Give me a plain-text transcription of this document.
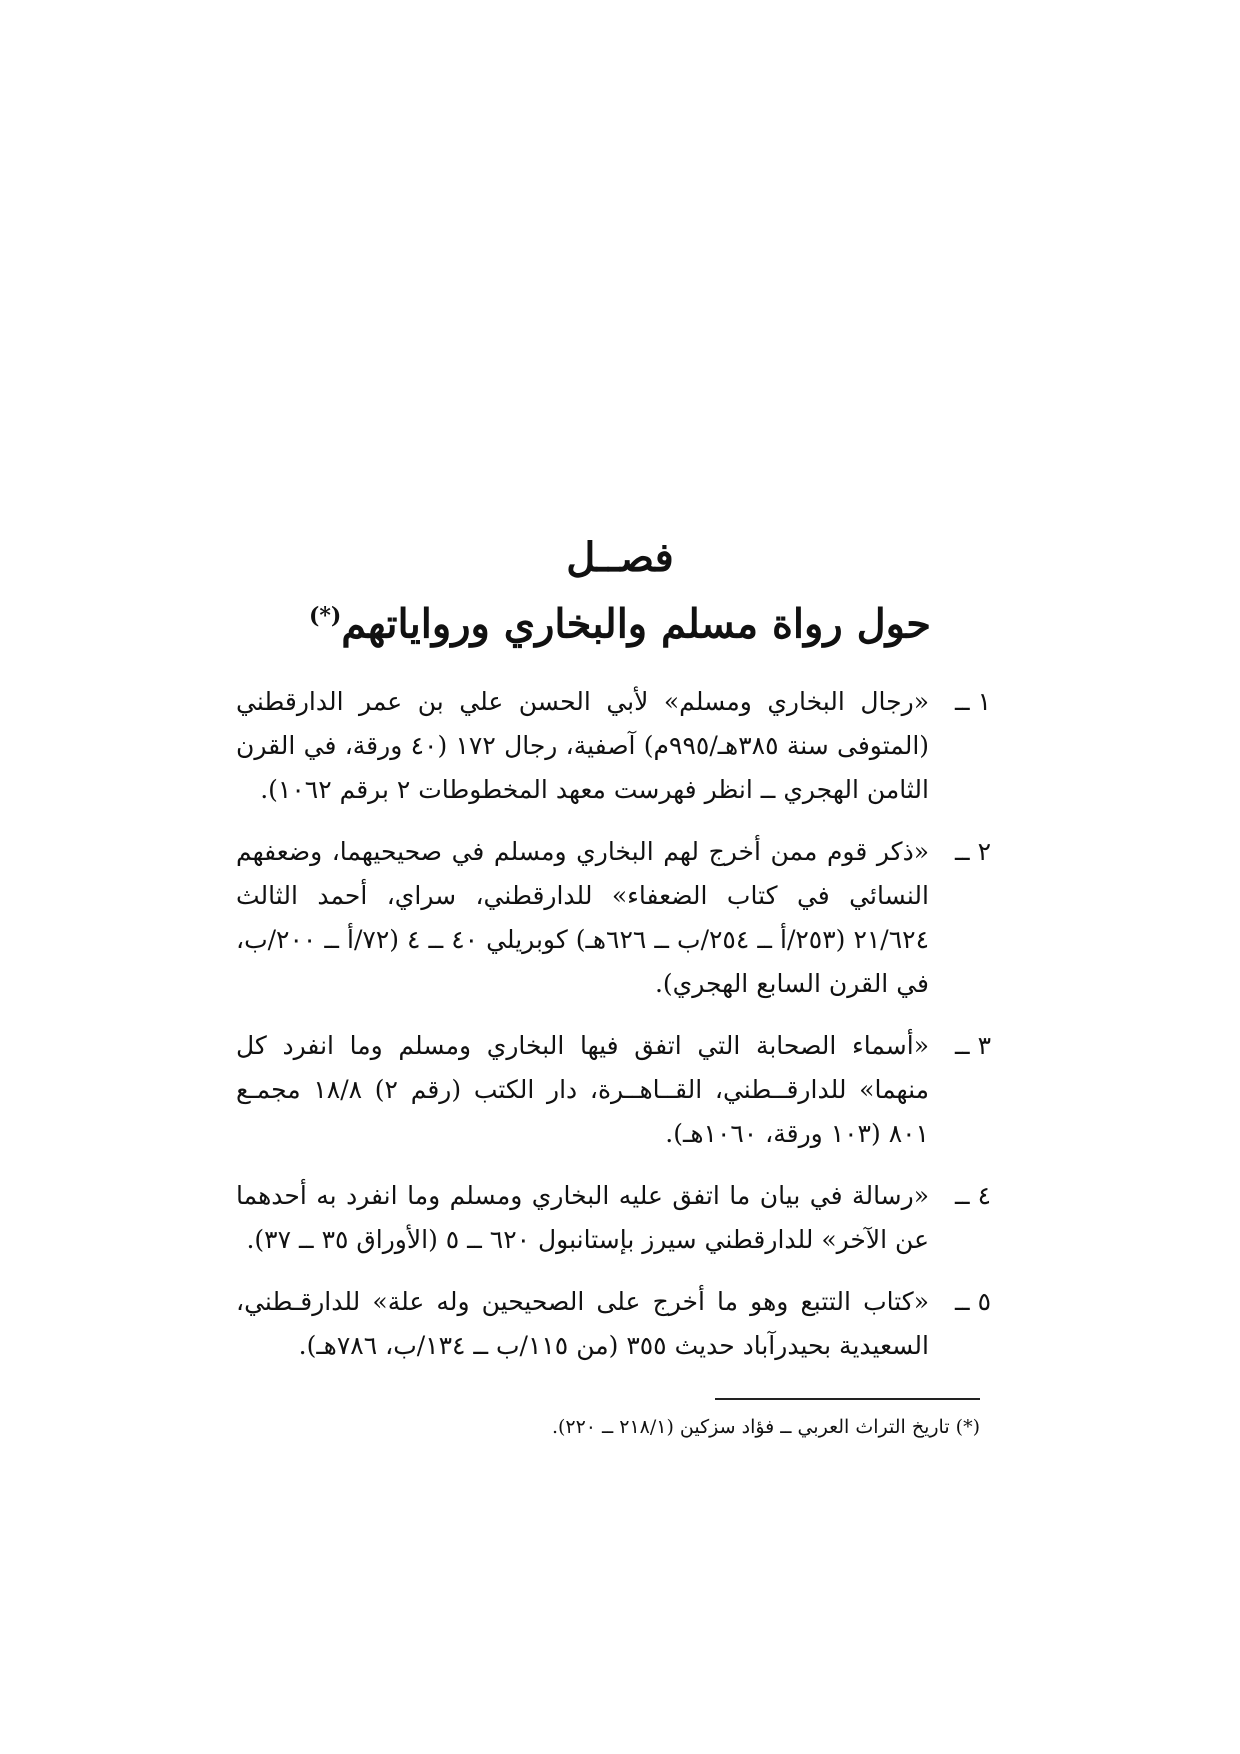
فصــل

حول رواة مسلم والبخاري ورواياتهم(*)

١ ــ
«رجال البخاري ومسلم» لأبي الحسن علي بن عمر الدارقطني (المتوفى سنة ٣٨٥هـ/٩٩٥م) آصفية، رجال ١٧٢ (٤٠ ورقة، في القرن الثامن الهجري ــ انظر فهرست معهد المخطوطات ٢ برقم ١٠٦٢).
٢ ــ
«ذكر قوم ممن أخرج لهم البخاري ومسلم في صحيحيهما، وضعفهم النسائي في كتاب الضعفاء» للدارقطني، سراي، أحمد الثالث ٢١/٦٢٤ (٢٥٣/أ ــ ٢٥٤/ب ــ ٦٢٦هـ) كوبريلي ٤٠ ــ ٤ (٧٢/أ ــ ٢٠٠/ب، في القرن السابع الهجري).
٣ ــ
«أسماء الصحابة التي اتفق فيها البخاري ومسلم وما انفرد كل منهما» للدارقــطني، القــاهــرة، دار الكتب (رقم ٢) ١٨/٨ مجمـع ٨٠١ (١٠٣ ورقة، ١٠٦٠هـ).
٤ ــ
«رسالة في بيان ما اتفق عليه البخاري ومسلم وما انفرد به أحدهما عن الآخر» للدارقطني سيرز بإستانبول ٦٢٠ ــ ٥ (الأوراق ٣٥ ــ ٣٧).
٥ ــ
«كتاب التتبع وهو ما أخرج على الصحيحين وله علة» للدارقـطني، السعيدية بحيدرآباد حديث ٣٥٥ (من ١١٥/ب ــ ١٣٤/ب، ٧٨٦هـ).
(*) تاريخ التراث العربي ــ فؤاد سزكين (٢١٨/١ ــ ٢٢٠).
